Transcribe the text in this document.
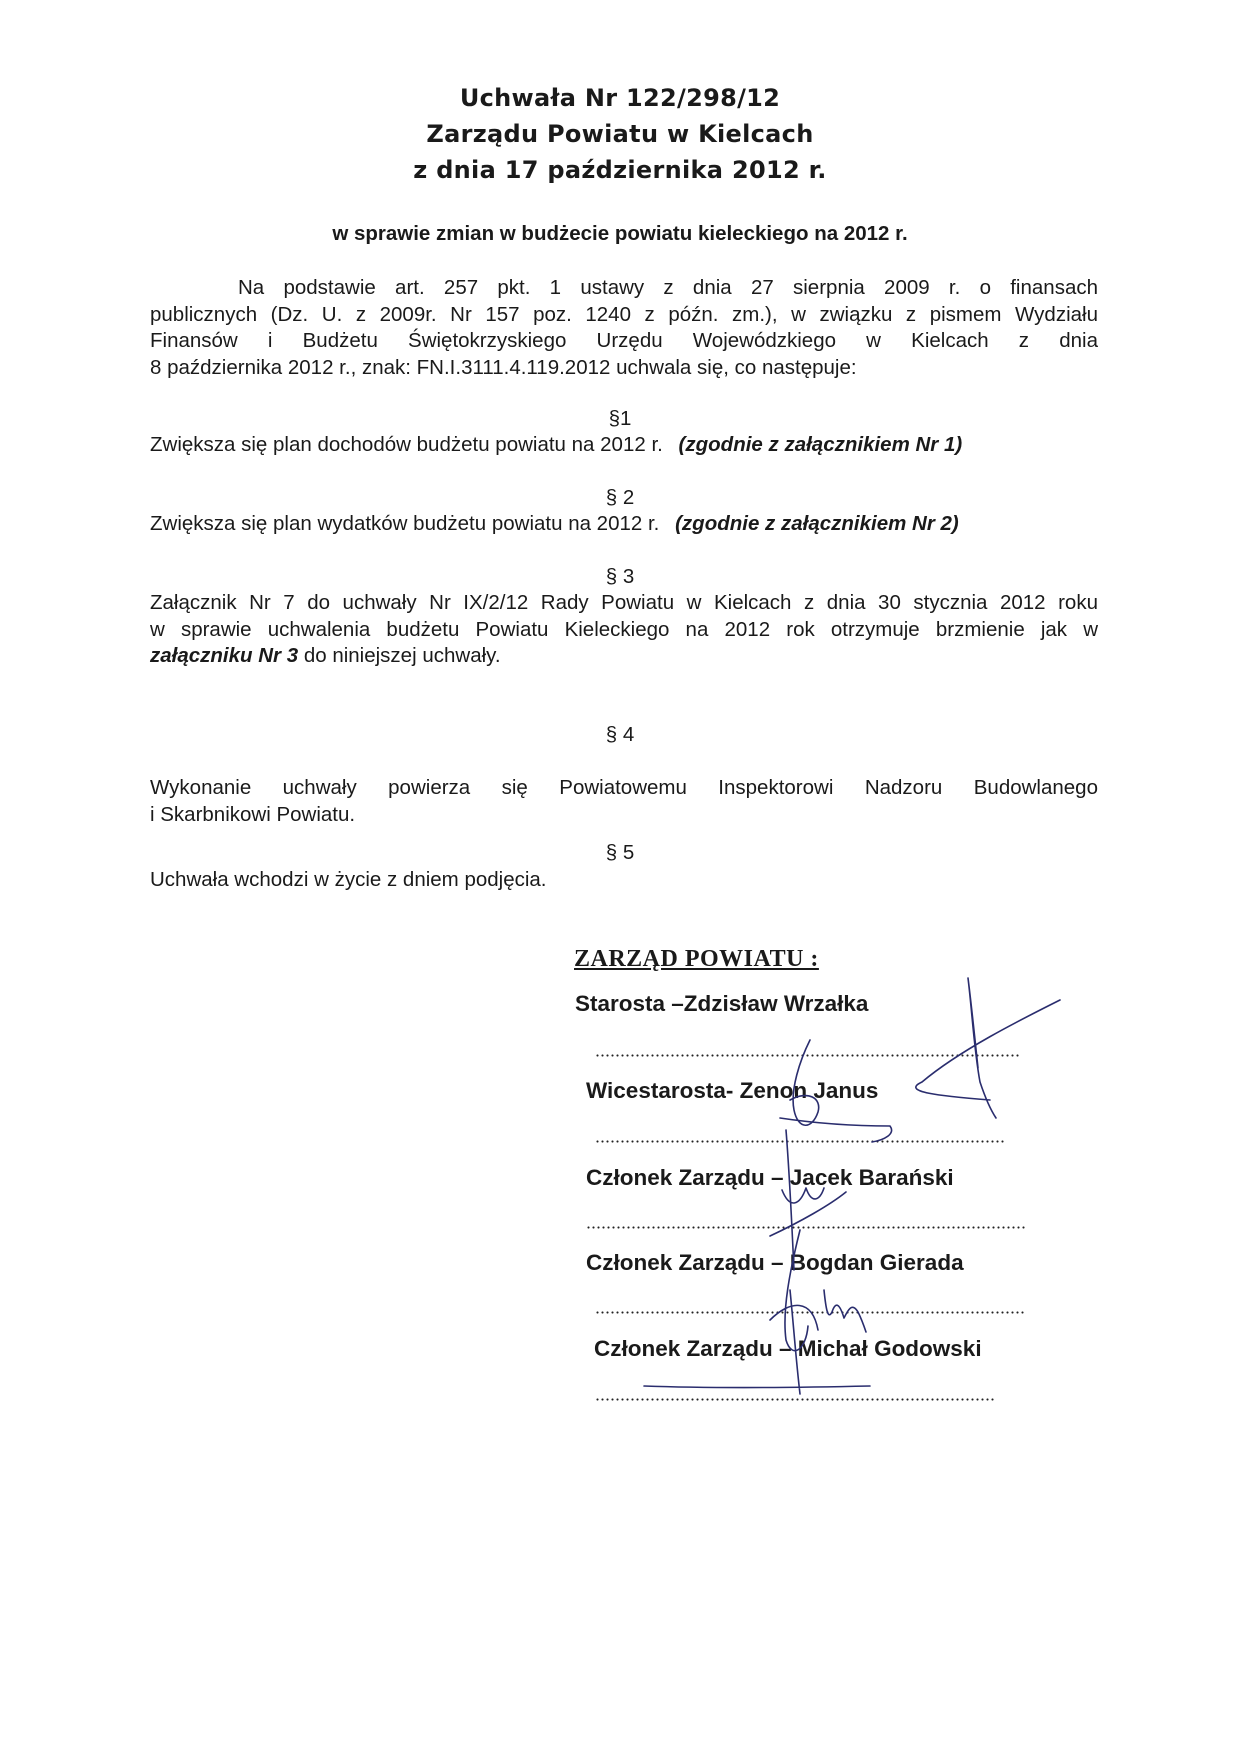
Uchwała Nr 122/298/12
Zarządu Powiatu w Kielcach
z dnia 17 października 2012 r.
w sprawie zmian w budżecie powiatu kieleckiego na 2012 r.
Na podstawie art. 257 pkt. 1 ustawy z dnia 27 sierpnia 2009 r. o finansach
publicznych (Dz. U. z 2009r. Nr 157 poz. 1240 z późn. zm.), w związku z pismem Wydziału
Finansów i Budżetu Świętokrzyskiego Urzędu Wojewódzkiego w Kielcach z dnia
8 października 2012 r., znak: FN.I.3111.4.119.2012 uchwala się, co następuje:
§1
Zwiększa się plan dochodów budżetu powiatu na 2012 r. (zgodnie z załącznikiem Nr 1)
§ 2
Zwiększa się plan wydatków budżetu powiatu na 2012 r. (zgodnie z załącznikiem Nr 2)
§ 3
Załącznik Nr 7 do uchwały Nr IX/2/12 Rady Powiatu w Kielcach z dnia 30 stycznia 2012 roku
w sprawie uchwalenia budżetu Powiatu Kieleckiego na 2012 rok otrzymuje brzmienie jak w
załączniku Nr 3 do niniejszej uchwały.
§ 4
Wykonanie uchwały powierza się Powiatowemu Inspektorowi Nadzoru Budowlanego
i Skarbnikowi Powiatu.
§ 5
Uchwała wchodzi w życie z dniem podjęcia.
ZARZĄD POWIATU :
Starosta –Zdzisław Wrzałka
Wicestarosta- Zenon Janus
Członek Zarządu – Jacek Barański
Członek Zarządu – Bogdan Gierada
Członek Zarządu – Michał Godowski
